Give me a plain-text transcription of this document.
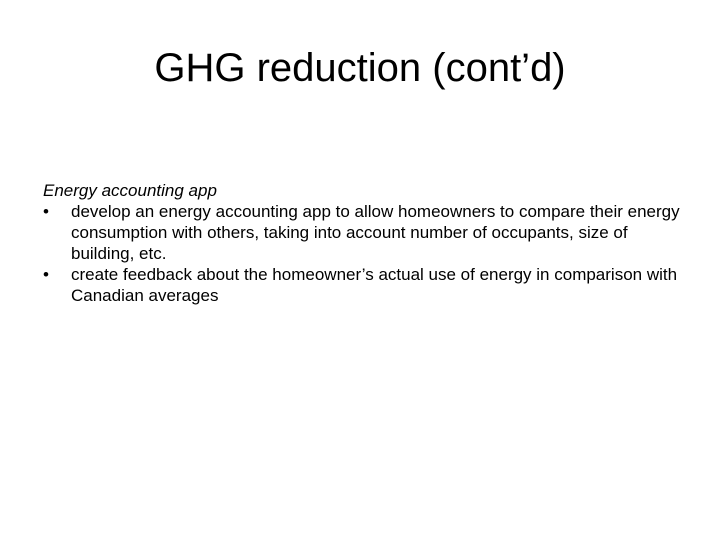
GHG reduction (cont’d)

Energy accounting app

•	develop an energy accounting app to allow homeowners to compare their energy consumption with others, taking into account number of occupants, size of building, etc.
•	create feedback about the homeowner’s actual use of energy in comparison with Canadian averages
